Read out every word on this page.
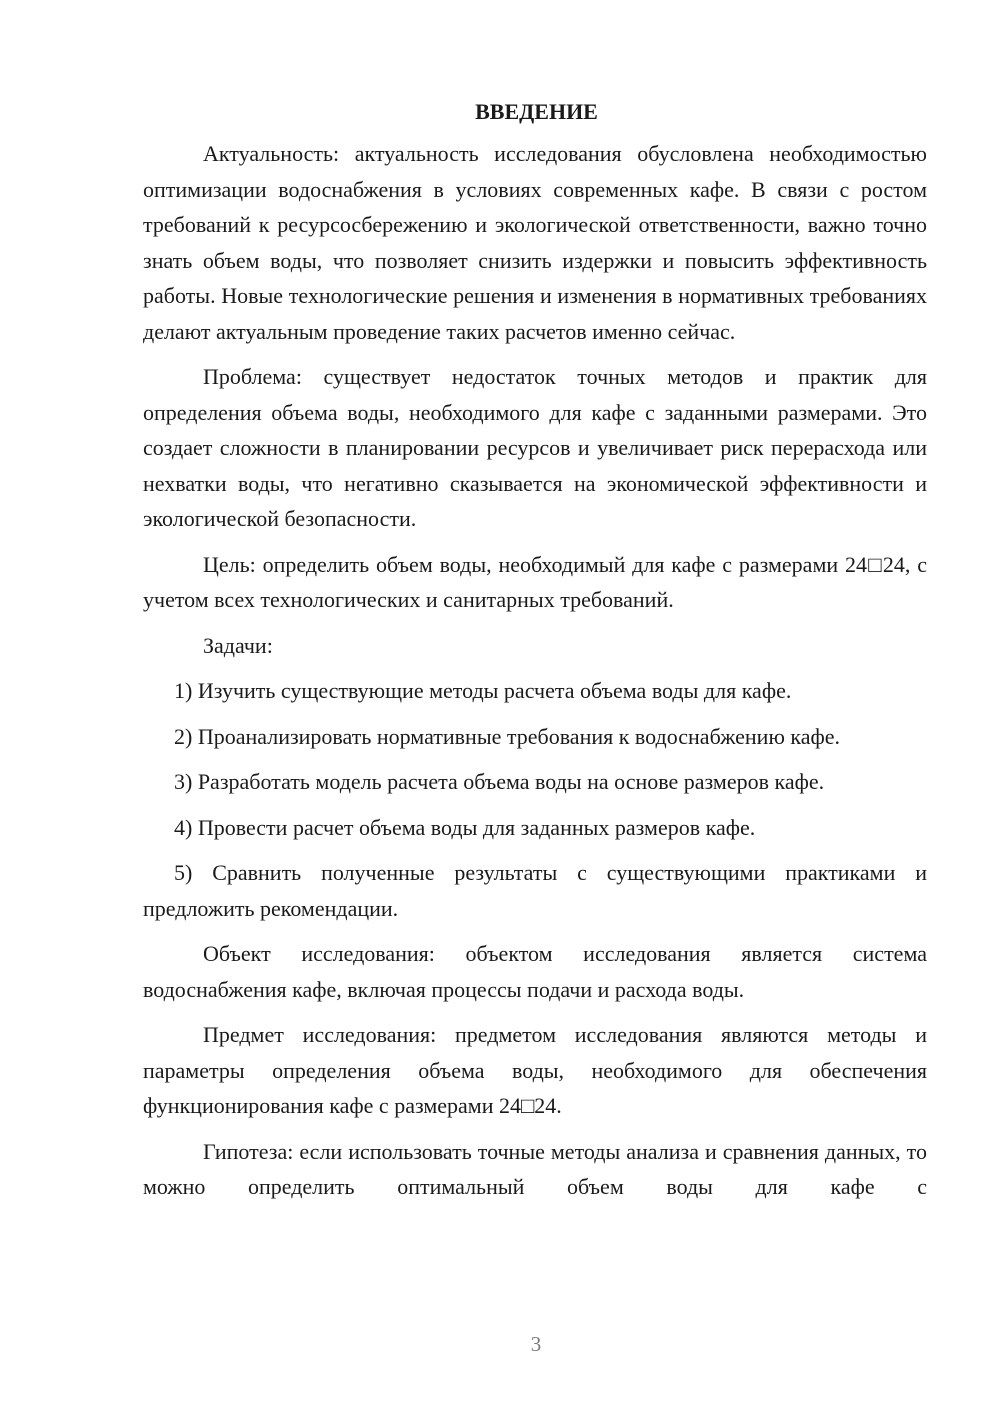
ВВЕДЕНИЕ

Актуальность: актуальность исследования обусловлена необходимостью оптимизации водоснабжения в условиях современных кафе. В связи с ростом требований к ресурсосбережению и экологической ответственности, важно точно знать объем воды, что позволяет снизить издержки и повысить эффективность работы. Новые технологические решения и изменения в нормативных требованиях делают актуальным проведение таких расчетов именно сейчас.

Проблема: существует недостаток точных методов и практик для определения объема воды, необходимого для кафе с заданными размерами. Это создает сложности в планировании ресурсов и увеличивает риск перерасхода или нехватки воды, что негативно сказывается на экономической эффективности и экологической безопасности.

Цель: определить объем воды, необходимый для кафе с размерами 24□24, с учетом всех технологических и санитарных требований.

Задачи:

1) Изучить существующие методы расчета объема воды для кафе.

2) Проанализировать нормативные требования к водоснабжению кафе.

3) Разработать модель расчета объема воды на основе размеров кафе.

4) Провести расчет объема воды для заданных размеров кафе.

5) Сравнить полученные результаты с существующими практиками и предложить рекомендации.

Объект исследования: объектом исследования является система водоснабжения кафе, включая процессы подачи и расхода воды.

Предмет исследования: предметом исследования являются методы и параметры определения объема воды, необходимого для обеспечения функционирования кафе с размерами 24□24.

Гипотеза: если использовать точные методы анализа и сравнения данных, то можно определить оптимальный объем воды для кафе с

3
